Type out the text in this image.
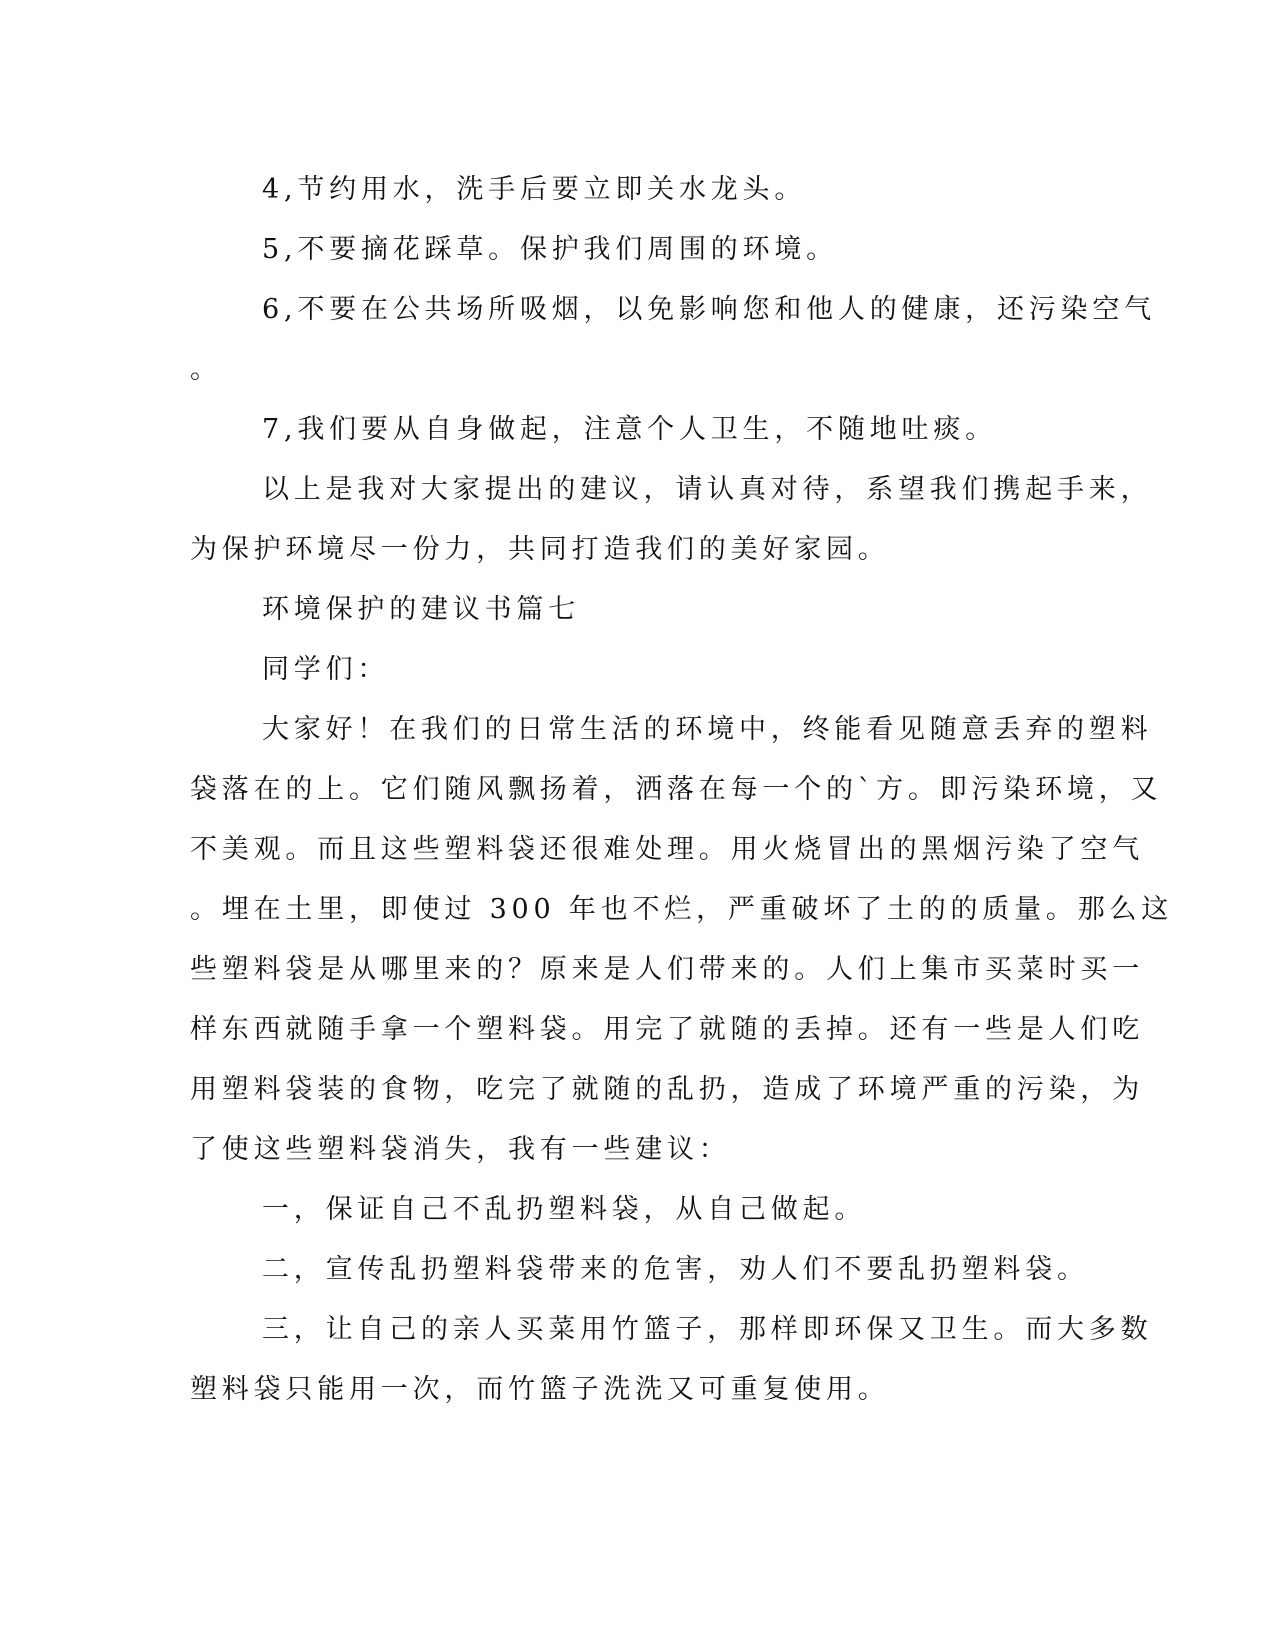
4,节约用水，洗手后要立即关水龙头。
5,不要摘花踩草。保护我们周围的环境。
6,不要在公共场所吸烟，以免影响您和他人的健康，还污染空气
。
7,我们要从自身做起，注意个人卫生，不随地吐痰。
以上是我对大家提出的建议，请认真对待，系望我们携起手来，
为保护环境尽一份力，共同打造我们的美好家园。
环境保护的建议书篇七
同学们：
大家好！在我们的日常生活的环境中，终能看见随意丢弃的塑料
袋落在的上。它们随风飘扬着，洒落在每一个的`方。即污染环境，又
不美观。而且这些塑料袋还很难处理。用火烧冒出的黑烟污染了空气
。埋在土里，即使过 300 年也不烂，严重破坏了土的的质量。那么这
些塑料袋是从哪里来的？原来是人们带来的。人们上集市买菜时买一
样东西就随手拿一个塑料袋。用完了就随的丢掉。还有一些是人们吃
用塑料袋装的食物，吃完了就随的乱扔，造成了环境严重的污染，为
了使这些塑料袋消失，我有一些建议：
一，保证自己不乱扔塑料袋，从自己做起。
二，宣传乱扔塑料袋带来的危害，劝人们不要乱扔塑料袋。
三，让自己的亲人买菜用竹篮子，那样即环保又卫生。而大多数
塑料袋只能用一次，而竹篮子洗洗又可重复使用。
